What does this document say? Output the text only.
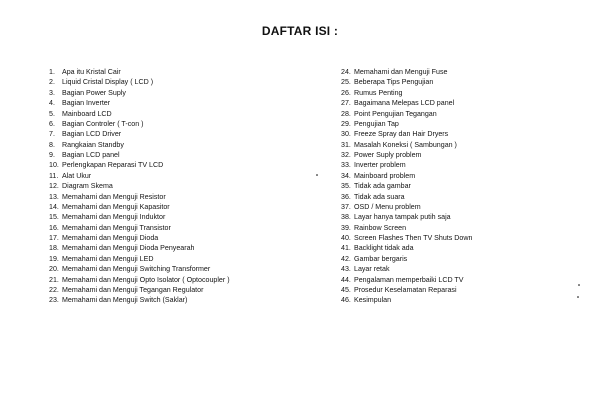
DAFTAR ISI :
1. Apa itu Kristal Cair
2. Liquid Cristal Display ( LCD )
3. Bagian Power Suply
4. Bagian Inverter
5. Mainboard LCD
6. Bagian Controler ( T-con )
7. Bagian LCD Driver
8. Rangkaian Standby
9. Bagian LCD panel
10. Perlengkapan Reparasi TV LCD
11. Alat Ukur
12. Diagram Skema
13. Memahami dan Menguji Resistor
14. Memahami dan Menguji Kapasitor
15. Memahami dan Menguji Induktor
16. Memahami dan Menguji Transistor
17. Memahami dan Menguji Dioda
18. Memahami dan Menguji Dioda Penyearah
19. Memahami dan Menguji LED
20. Memahami dan Menguji Switching Transformer
21. Memahami dan Menguji Opto Isolator ( Optocoupler )
22. Memahami dan Menguji Tegangan Regulator
23. Memahami dan Menguji Switch (Saklar)
24. Memahami dan Menguji Fuse
25. Beberapa Tips Pengujian
26. Rumus Penting
27. Bagaimana Melepas LCD panel
28. Point Pengujian Tegangan
29. Pengujian Tap
30. Freeze Spray dan Hair Dryers
31. Masalah Koneksi ( Sambungan )
32. Power Suply problem
33. Inverter problem
34. Mainboard problem
35. Tidak ada gambar
36. Tidak ada suara
37. OSD / Menu problem
38. Layar hanya tampak putih saja
39. Rainbow Screen
40. Screen Flashes Then TV Shuts Down
41. Backlight tidak ada
42. Gambar bergaris
43. Layar retak
44. Pengalaman memperbaiki LCD TV
45. Prosedur Keselamatan Reparasi
46. Kesimpulan
